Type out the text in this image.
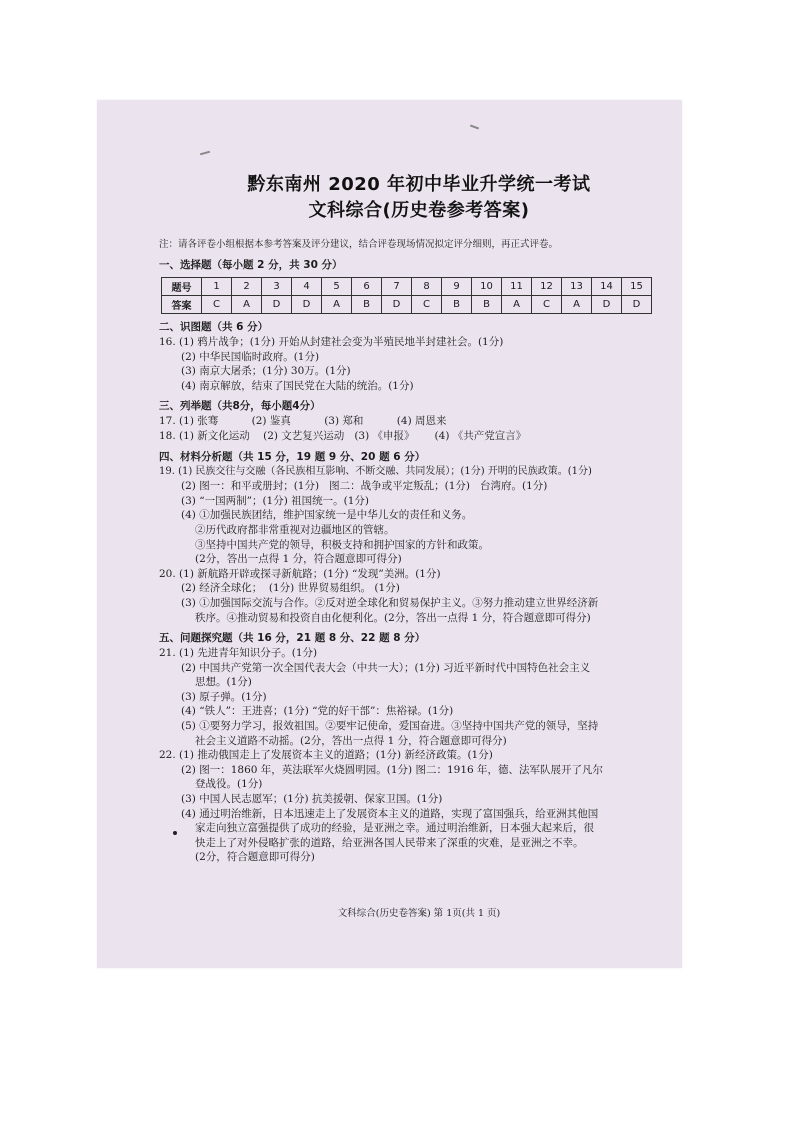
黔东南州 2020 年初中毕业升学统一考试
文科综合(历史卷参考答案)
注：请各评卷小组根据本参考答案及评分建议，结合评卷现场情况拟定评分细则，再正式评卷。
一、选择题（每小题 2 分，共 30 分）
题号	1	2	3	4	5	6	7	8	9	10	11	12	13	14	15
答案	C	A	D	D	A	B	D	C	B	B	A	C	A	D	D
二、识图题（共 6 分）
16. (1) 鸦片战争；(1分) 开始从封建社会变为半殖民地半封建社会。(1分)
(2) 中华民国临时政府。(1分)
(3) 南京大屠杀；(1分) 30万。(1分)
(4) 南京解放，结束了国民党在大陆的统治。(1分)
三、列举题（共8分，每小题4分）
17. (1) 张骞          (2) 鉴真          (3) 郑和          (4) 周恩来
18. (1) 新文化运动    (2) 文艺复兴运动   (3) 《申报》      (4) 《共产党宣言》
四、材料分析题（共 15 分，19 题 9 分、20 题 6 分）
19. (1) 民族交往与交融（各民族相互影响、不断交融、共同发展）；(1分) 开明的民族政策。(1分)
(2) 图一：和平或册封；(1分)   图二：战争或平定叛乱；(1分)   台湾府。(1分)
(3) “一国两制”；(1分) 祖国统一。(1分)
(4) ①加强民族团结，维护国家统一是中华儿女的责任和义务。
②历代政府都非常重视对边疆地区的管辖。
③坚持中国共产党的领导，积极支持和拥护国家的方针和政策。
(2分，答出一点得 1 分，符合题意即可得分)
20. (1) 新航路开辟或探寻新航路；(1分) “发现”美洲。(1分)
(2) 经济全球化；  (1分) 世界贸易组织。 (1分)
(3) ①加强国际交流与合作。②反对逆全球化和贸易保护主义。③努力推动建立世界经济新
秩序。④推动贸易和投资自由化便利化。(2分，答出一点得 1 分，符合题意即可得分)
五、问题探究题（共 16 分，21 题 8 分、22 题 8 分）
21. (1) 先进青年知识分子。(1分)
(2) 中国共产党第一次全国代表大会（中共一大）；(1分) 习近平新时代中国特色社会主义
思想。(1分)
(3) 原子弹。(1分)
(4) “铁人”：王进喜；(1分) “党的好干部”：焦裕禄。(1分)
(5) ①要努力学习，报效祖国。②要牢记使命，爱国奋进。③坚持中国共产党的领导，坚持
社会主义道路不动摇。(2分，答出一点得 1 分，符合题意即可得分)
22. (1) 推动俄国走上了发展资本主义的道路；(1分) 新经济政策。(1分)
(2) 图一：1860 年，英法联军火烧圆明园。(1分) 图二：1916 年，德、法军队展开了凡尔
登战役。(1分)
(3) 中国人民志愿军；(1分) 抗美援朝、保家卫国。(1分)
(4) 通过明治维新，日本迅速走上了发展资本主义的道路，实现了富国强兵，给亚洲其他国
家走向独立富强提供了成功的经验，是亚洲之幸。通过明治维新，日本强大起来后，很
快走上了对外侵略扩张的道路，给亚洲各国人民带来了深重的灾难，是亚洲之不幸。
(2分，符合题意即可得分)
文科综合(历史卷答案) 第 1页(共 1 页)
